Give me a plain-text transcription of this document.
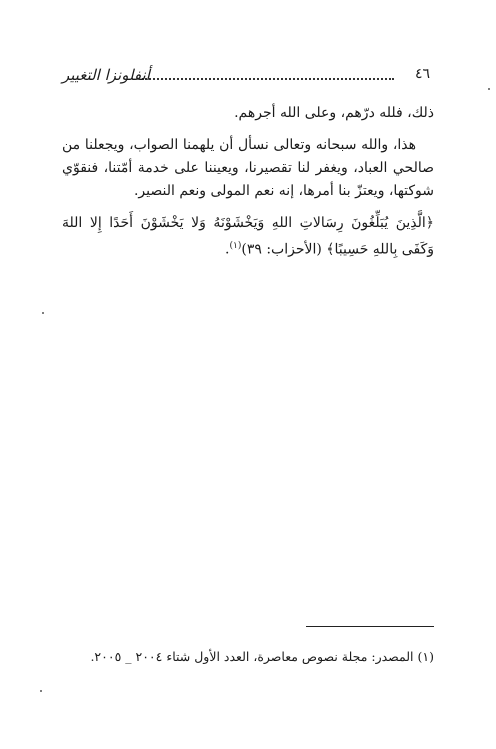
٤٦
أنفلونزا التغيير

ذلك، فلله درّهم، وعلى الله أجرهم.

هذا، والله سبحانه وتعالى نسأل أن يلهمنا الصواب، ويجعلنا من صالحي العباد، ويغفر لنا تقصيرنا، ويعيننا على خدمة أمّتنا، فنقوّي شوكتها، ويعتزّ بنا أمرها، إنه نعم المولى ونعم النصير.

﴿الَّذِينَ يُبَلِّغُونَ رِسَالاتِ اللهِ وَيَخْشَوْنَهُ وَلا يَخْشَوْنَ أَحَدًا إِلا اللهَ وَكَفَى بِاللهِ حَسِيبًا﴾ (الأحزاب: ٣٩)$^{(١)}$.

(١) المصدر: مجلة نصوص معاصرة، العدد الأول شتاء ٢٠٠٤ _ ٢٠٠٥.
